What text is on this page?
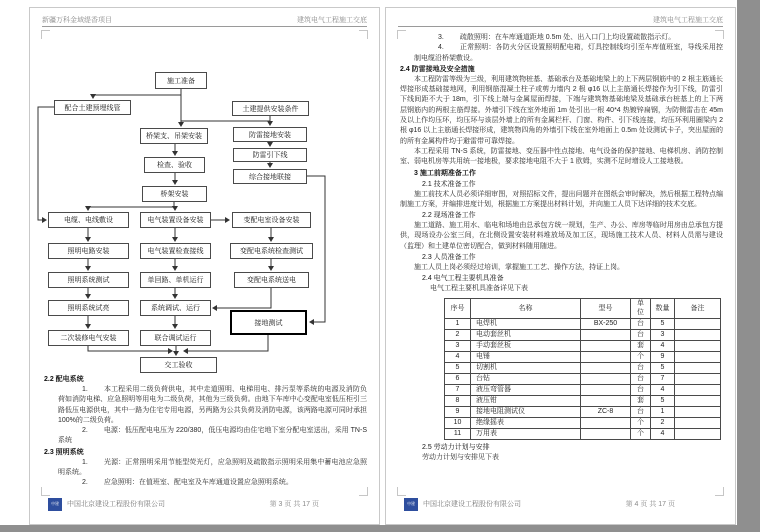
新疆万科金域缇香项目	建筑电气工程施工交底
施工准备
配合土建预埋线管	土建提供安装条件
桥架支、吊架安装	防雷接地安装
检查、验收
防雷引下线
桥架安装
综合接地联接
电缆、电线敷设	电气装置设备安装	变配电室设备安装
照明电路安装	电气装置检查接线	变配电系统检查测试
照明系统测试	单回路、单机运行	变配电系统送电
照明系统试亮	系统调试、运行
接地测试
二次装修电气安装	联合调试运行
交工验收
2.2 配电系统
1. 本工程采用二级负荷供电，其中走道照明、电梯用电、排污泵等系统的电源及消防负荷如消防电梯、应急照明等用电为二级负荷，其他为三级负荷。由地下车库中心变配电室低压柜引三路低压电源供电，其中一路为住宅专用电源，另两路为公共负荷及消防电源，该两路电源可同时承担 100%的二级负荷。
2. 电源：低压配电电压为 220/380，低压电源均由住宅地下室分配电室送出，采用 TN-S 系统
2.3 照明系统
1. 光源：正常照明采用节能型荧光灯，应急照明及疏散指示照明采用集中蓄电池应急照明系统。
2. 应急照明：在值班室、配电室及车库通道设置应急照明系统。
中建 中国北京建设工程股份有限公司	第 3 页 共 17 页
建筑电气工程施工交底
3. 疏散照明：在车库通道距地 0.5m 处、出入口门上均设置疏散指示灯。
4. 正常照明：各防火分区设置照明配电箱，灯具控制线均引至车库值班室，导线采用控制电缆沿桥架敷设。
2.4 防雷接地及安全措施
本工程防雷等级为三级，利用建筑物桩基、基础承台及基础地梁上的上下两层钢筋中的 2 根主筋通长焊接形成基础接地网，利用钢筋混凝土柱子或剪力墙内 2 根 φ16 以上主筋通长焊接作为引下线，防雷引下线间距不大于 18m，引下线上端与金属屋面焊接，下端与建筑物基础地梁及基础承台桩基上的上下两层钢筋内的两根主筋焊接。外墙引下线在室外地面 1m 处引出一根 40*4 热镀锌扁钢，为防侧雷击在 45m 及以上作均压环，均压环与该层外墙上的所有金属栏杆、门窗、构件、引下线连接，均压环利用圈梁内 2 根 φ16 以上主筋通长焊接形成，建筑物四角的外墙引下线在室外地面上 0.5m 处设测试卡子，突出屋面的的所有金属构件均于避雷带可靠焊接。
本工程采用 TN-S 系统，防雷接地、变压器中性点接地、电气设备的保护接地、电梯机房、消防控制室、弱电机房等共用统一接地极，要求接地电阻不大于 1 欧姆，实测不足时增设人工接地极。
3 施工前期准备工作
2.1 技术准备工作
施工前技术人员必须详细审图，对照招标文件，提出问题并在图纸会审时解决，然后根据工程特点编制施工方案，并编排进度计划，根据施工方案提出材料计划，并向施工人员下达详细的技术交底。
2.2 现场准备工作
施工道路、施工用水、临电和场地由总承包方统一规划，生产、办公、库房等临时用房由总承包方提供，现场设办公室三间，在北侧设置安装材料堆放场及加工区，现场施工技术人员、材料人员需与建设（监理）和土建单位密切配合，做到材料随用随进。
2.3 人员准备工作
施工人员上岗必须经过培训，掌握施工工艺、操作方法，持证上岗。
2.4 电气工程主要机具准备
电气工程主要机具准备详见下表
序号	名称	型号	单位	数量	备注
1	电焊机	BX-250	台	5	
2	电动套丝机		台	3	
3	手动套丝板		套	4	
4	电锤		个	9	
5	切割机		台	5	
6	台钻		台	7	
7	液压弯管器		台	4	
8	液压钳		套	5	
9	接地电阻测试仪	ZC-8	台	1	
10	绝缘摇表		个	2	
11	万用表		个	4	
2.5 劳动力计划与安排
劳动力计划与安排见下表
中建 中国北京建设工程股份有限公司	第 4 页 共 17 页
